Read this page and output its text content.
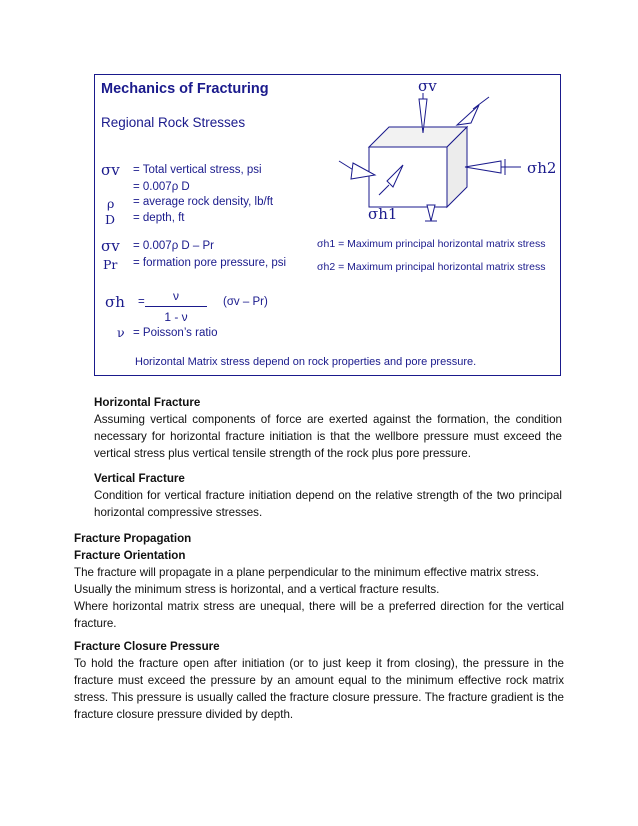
Mechanics of Fracturing
Regional Rock Stresses
σv = Total vertical stress, psi
= 0.007ρ D
ρ = average rock density, lb/ft
D = depth, ft
σv = 0.007ρ D – Pr
Pr = formation pore pressure, psi
σh =	ν
1 - ν
(σv – Pr)
ν = Poisson’s ratio
σv
σh2
σh1
σh1 = Maximum principal horizontal matrix stress
σh2 = Maximum principal horizontal matrix stress
Horizontal Matrix stress depend on rock properties and pore pressure.
Horizontal Fracture

Assuming vertical components of force are exerted against the formation, the condition necessary for horizontal fracture initiation is that the wellbore pressure must exceed the vertical stress plus vertical tensile strength of the rock plus pore pressure.

Vertical Fracture

Condition for vertical fracture initiation depend on the relative strength of the two principal horizontal compressive stresses.

Fracture Propagation
Fracture Orientation

The fracture will propagate in a plane perpendicular to the minimum effective matrix stress.

Usually the minimum stress is horizontal, and a vertical fracture results.

Where horizontal matrix stress are unequal, there will be a preferred direction for the vertical fracture.

Fracture Closure Pressure

To hold the fracture open after initiation (or to just keep it from closing), the pressure in the fracture must exceed the pressure by an amount equal to the minimum effective rock matrix stress. This pressure is usually called the fracture closure pressure. The fracture gradient is the fracture closure pressure divided by depth.
